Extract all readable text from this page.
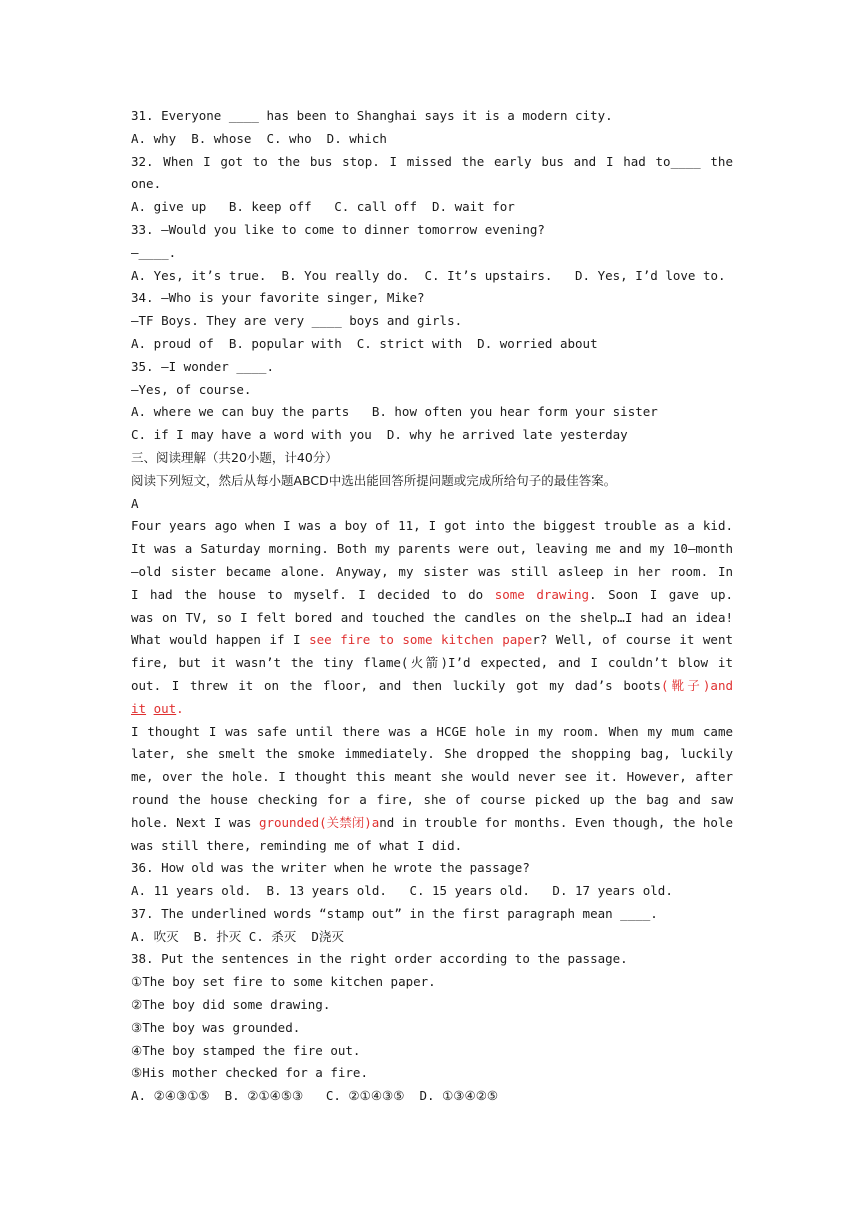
31. Everyone ____ has been to Shanghai says it is a modern city.
A. why  B. whose  C. who  D. which
32. When I got to the bus stop. I missed the early bus and I had to____ the
one.
A. give up   B. keep off   C. call off  D. wait for
33. —Would you like to come to dinner tomorrow evening?
—____.
A. Yes, it’s true.  B. You really do.  C. It’s upstairs.   D. Yes, I’d love to.
34. —Who is your favorite singer, Mike?
—TF Boys. They are very ____ boys and girls.
A. proud of  B. popular with  C. strict with  D. worried about
35. —I wonder ____.
—Yes, of course.
A. where we can buy the parts   B. how often you hear form your sister
C. if I may have a word with you  D. why he arrived late yesterday
三、阅读理解（共20小题，计40分）
阅读下列短文，然后从每小题ABCD中选出能回答所提问题或完成所给句子的最佳答案。
A
Four years ago when I was a boy of 11, I got into the biggest trouble as a kid.
It was a Saturday morning. Both my parents were out, leaving me and my 10—month
—old sister became alone. Anyway, my sister was still asleep in her room. In
I had the house to myself. I decided to do some drawing. Soon I gave up.
was on TV, so I felt bored and touched the candles on the shelp…I had an idea!
What would happen if I see fire to some kitchen paper? Well, of course it went
fire, but it wasn’t the tiny flame(火箭)I’d expected, and I couldn’t blow it
out. I threw it on the floor, and then luckily got my dad’s boots(靴子)and
it out.
I thought I was safe until there was a HCGE hole in my room. When my mum came
later, she smelt the smoke immediately. She dropped the shopping bag, luckily
me, over the hole. I thought this meant she would never see it. However, after
round the house checking for a fire, she of course picked up the bag and saw
hole. Next I was grounded(关禁闭)and in trouble for months. Even though, the hole
was still there, reminding me of what I did.
36. How old was the writer when he wrote the passage?
A. 11 years old.  B. 13 years old.   C. 15 years old.   D. 17 years old.
37. The underlined words “stamp out” in the first paragraph mean ____.
A. 吹灭  B. 扑灭 C. 杀灭  D浇灭
38. Put the sentences in the right order according to the passage.
①The boy set fire to some kitchen paper.
②The boy did some drawing.
③The boy was grounded.
④The boy stamped the fire out.
⑤His mother checked for a fire.
A. ②④③①⑤  B. ②①④⑤③   C. ②①④③⑤  D. ①③④②⑤
